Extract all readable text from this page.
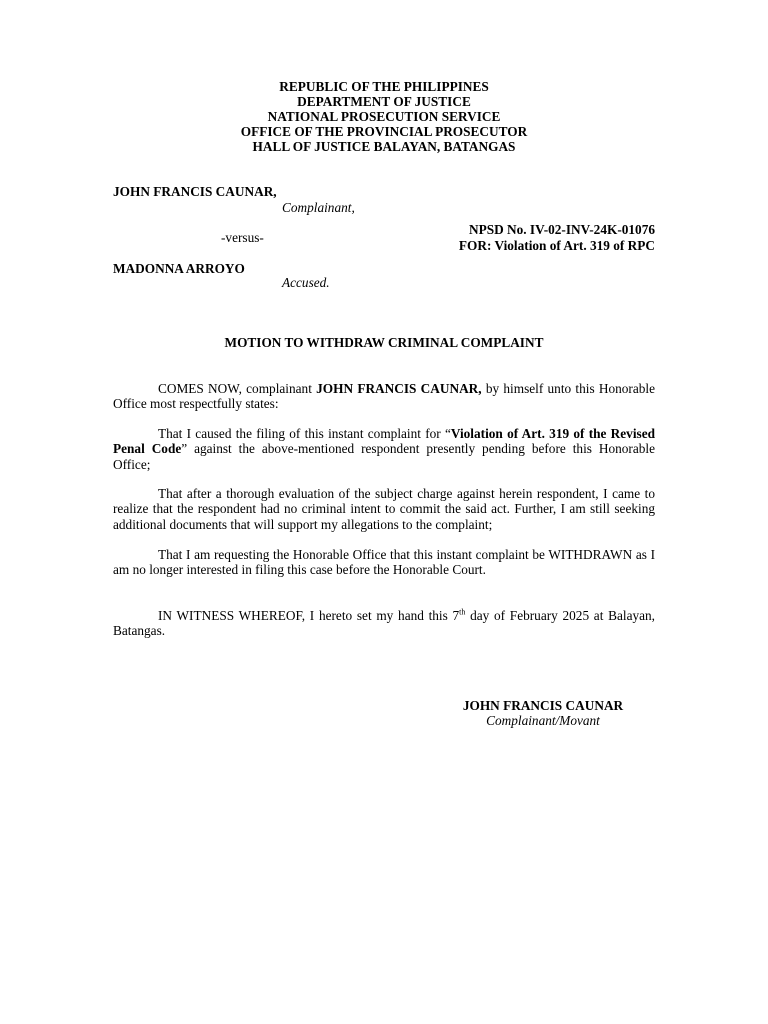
REPUBLIC OF THE PHILIPPINES
DEPARTMENT OF JUSTICE
NATIONAL PROSECUTION SERVICE
OFFICE OF THE PROVINCIAL PROSECUTOR
HALL OF JUSTICE BALAYAN, BATANGAS
JOHN FRANCIS CAUNAR,
Complainant,
-versus-
MADONNA ARROYO
Accused.
NPSD No. IV-02-INV-24K-01076
FOR: Violation of Art. 319 of RPC
MOTION TO WITHDRAW CRIMINAL COMPLAINT
COMES NOW, complainant JOHN FRANCIS CAUNAR, by himself unto this Honorable Office most respectfully states:
That I caused the filing of this instant complaint for “Violation of Art. 319 of the Revised Penal Code” against the above-mentioned respondent presently pending before this Honorable Office;
That after a thorough evaluation of the subject charge against herein respondent, I came to realize that the respondent had no criminal intent to commit the said act. Further, I am still seeking additional documents that will support my allegations to the complaint;
That I am requesting the Honorable Office that this instant complaint be WITHDRAWN as I am no longer interested in filing this case before the Honorable Court.
IN WITNESS WHEREOF, I hereto set my hand this 7th day of February 2025 at Balayan, Batangas.
JOHN FRANCIS CAUNAR
Complainant/Movant
